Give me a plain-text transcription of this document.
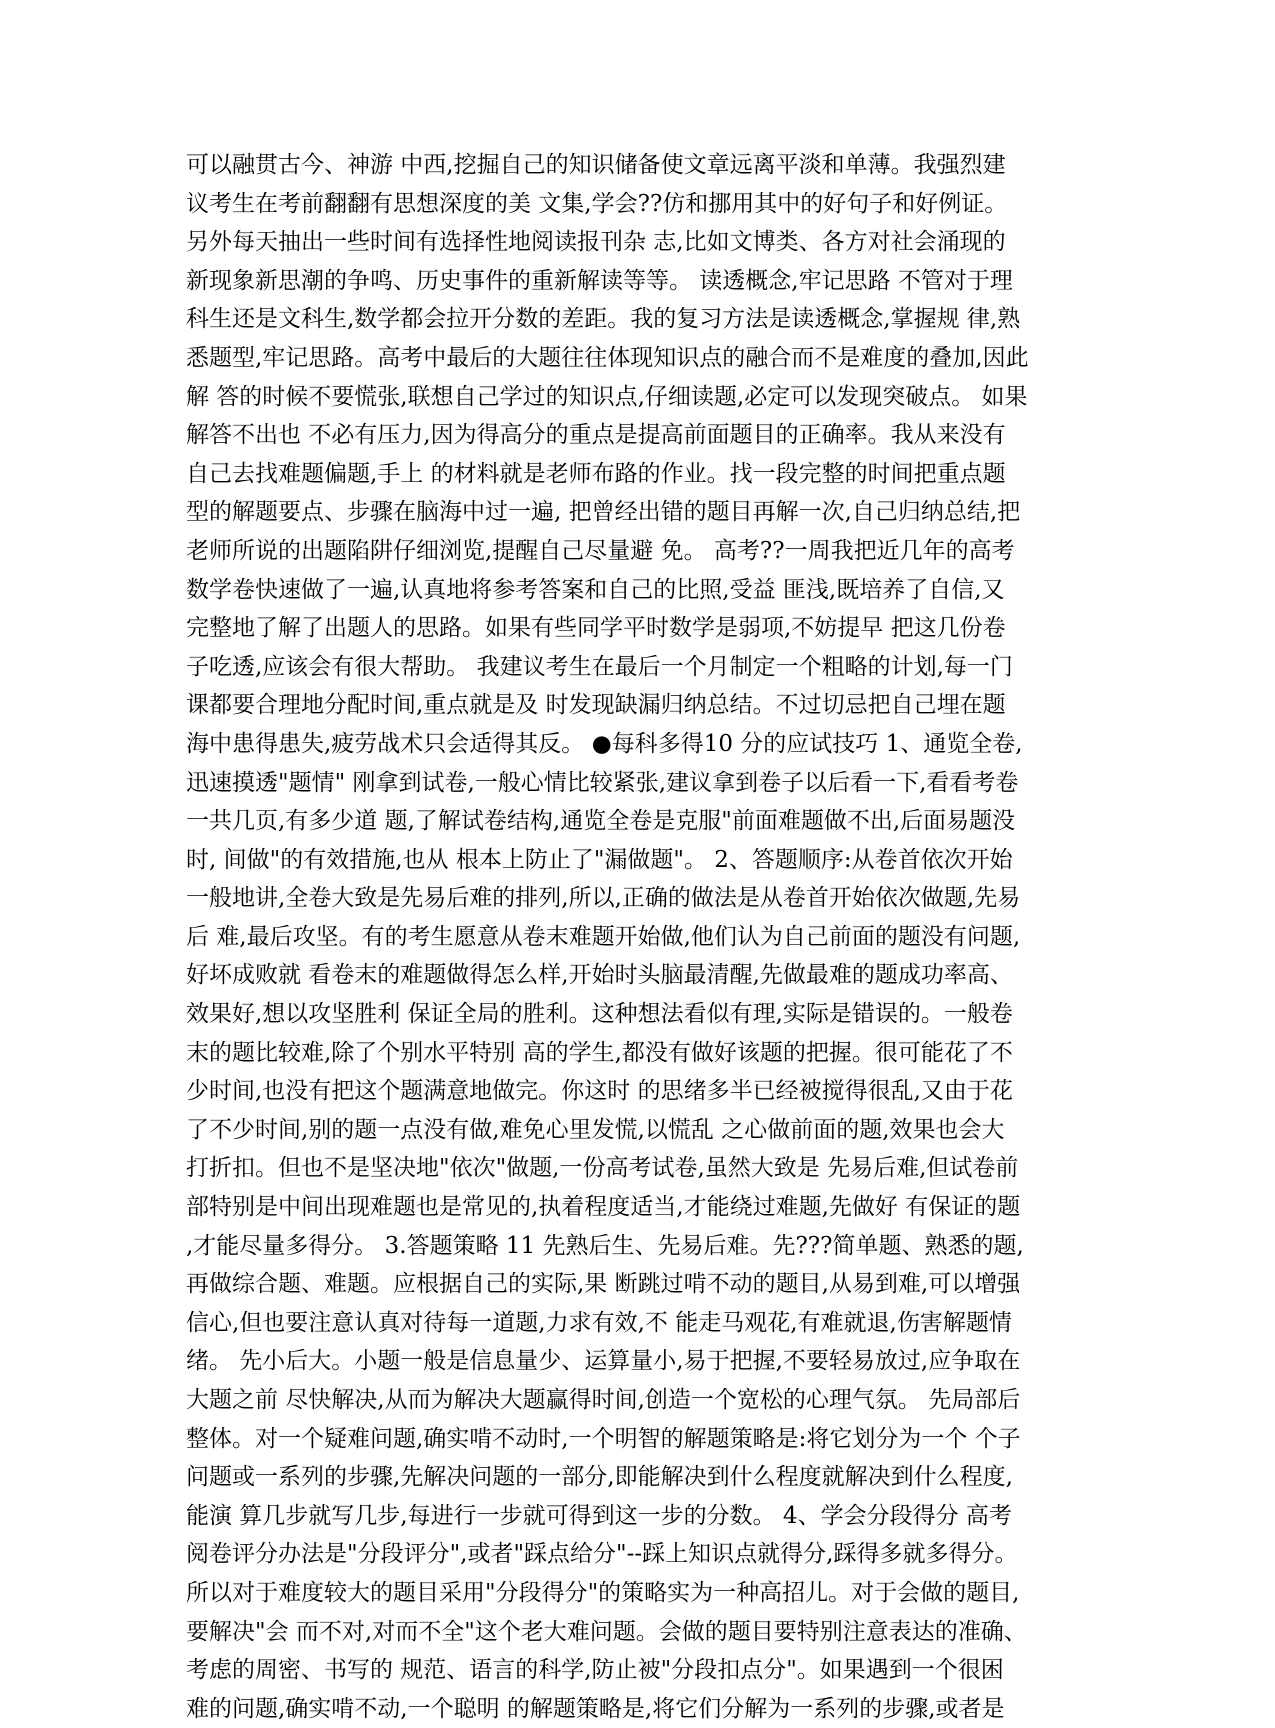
可以融贯古今、神游 中西,挖掘自己的知识储备使文章远离平淡和单薄。我强烈建
议考生在考前翻翻有思想深度的美 文集,学会??仿和挪用其中的好句子和好例证。
另外每天抽出一些时间有选择性地阅读报刊杂 志,比如文博类、各方对社会涌现的
新现象新思潮的争鸣、历史事件的重新解读等等。 读透概念,牢记思路 不管对于理
科生还是文科生,数学都会拉开分数的差距。我的复习方法是读透概念,掌握规 律,熟
悉题型,牢记思路。高考中最后的大题往往体现知识点的融合而不是难度的叠加,因此
解 答的时候不要慌张,联想自己学过的知识点,仔细读题,必定可以发现突破点。 如果
解答不出也 不必有压力,因为得高分的重点是提高前面题目的正确率。我从来没有
自己去找难题偏题,手上 的材料就是老师布路的作业。找一段完整的时间把重点题
型的解题要点、步骤在脑海中过一遍, 把曾经出错的题目再解一次,自己归纳总结,把
老师所说的出题陷阱仔细浏览,提醒自己尽量避 免。 高考??一周我把近几年的高考
数学卷快速做了一遍,认真地将参考答案和自己的比照,受益 匪浅,既培养了自信,又
完整地了解了出题人的思路。如果有些同学平时数学是弱项,不妨提早 把这几份卷
子吃透,应该会有很大帮助。 我建议考生在最后一个月制定一个粗略的计划,每一门
课都要合理地分配时间,重点就是及 时发现缺漏归纳总结。不过切忌把自己埋在题
海中患得患失,疲劳战术只会适得其反。 ●每科多得10 分的应试技巧 1、通览全卷,
迅速摸透"题情" 刚拿到试卷,一般心情比较紧张,建议拿到卷子以后看一下,看看考卷
一共几页,有多少道 题,了解试卷结构,通览全卷是克服"前面难题做不出,后面易题没
时, 间做"的有效措施,也从 根本上防止了"漏做题"。 2、答题顺序:从卷首依次开始
一般地讲,全卷大致是先易后难的排列,所以,正确的做法是从卷首开始依次做题,先易
后 难,最后攻坚。有的考生愿意从卷末难题开始做,他们认为自己前面的题没有问题,
好坏成败就 看卷末的难题做得怎么样,开始时头脑最清醒,先做最难的题成功率高、
效果好,想以攻坚胜利 保证全局的胜利。这种想法看似有理,实际是错误的。一般卷
末的题比较难,除了个别水平特别 高的学生,都没有做好该题的把握。很可能花了不
少时间,也没有把这个题满意地做完。你这时 的思绪多半已经被搅得很乱,又由于花
了不少时间,别的题一点没有做,难免心里发慌,以慌乱 之心做前面的题,效果也会大
打折扣。但也不是坚决地"依次"做题,一份高考试卷,虽然大致是 先易后难,但试卷前
部特别是中间出现难题也是常见的,执着程度适当,才能绕过难题,先做好 有保证的题
,才能尽量多得分。 3.答题策略 11 先熟后生、先易后难。先???简单题、熟悉的题,
再做综合题、难题。应根据自己的实际,果 断跳过啃不动的题目,从易到难,可以增强
信心,但也要注意认真对待每一道题,力求有效,不 能走马观花,有难就退,伤害解题情
绪。 先小后大。小题一般是信息量少、运算量小,易于把握,不要轻易放过,应争取在
大题之前 尽快解决,从而为解决大题赢得时间,创造一个宽松的心理气氛。 先局部后
整体。对一个疑难问题,确实啃不动时,一个明智的解题策略是:将它划分为一个 个子
问题或一系列的步骤,先解决问题的一部分,即能解决到什么程度就解决到什么程度,
能演 算几步就写几步,每进行一步就可得到这一步的分数。 4、学会分段得分 高考
阅卷评分办法是"分段评分",或者"踩点给分"--踩上知识点就得分,踩得多就多得分。
所以对于难度较大的题目采用"分段得分"的策略实为一种高招儿。对于会做的题目,
要解决"会 而不对,对而不全"这个老大难问题。会做的题目要特别注意表达的准确、
考虑的周密、书写的 规范、语言的科学,防止被"分段扣点分"。如果遇到一个很困
难的问题,确实啃不动,一个聪明 的解题策略是,将它们分解为一系列的步骤,或者是
